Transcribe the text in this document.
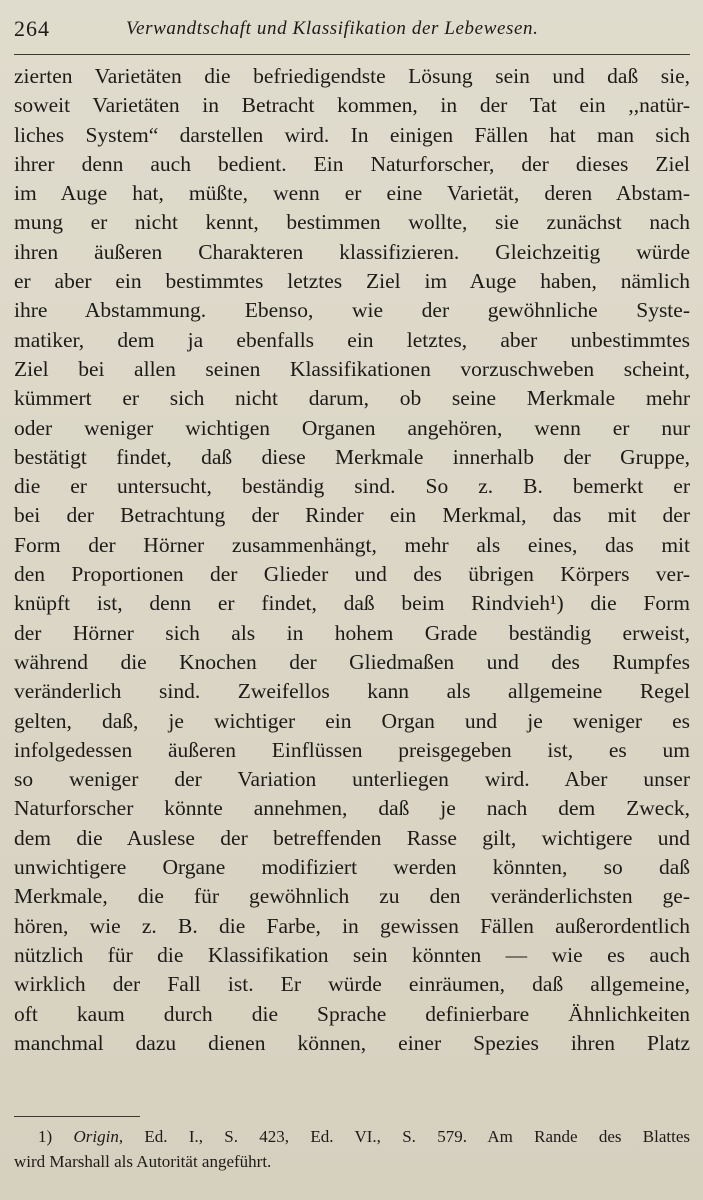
264	Verwandtschaft und Klassifikation der Lebewesen.
zierten Varietäten die befriedigendste Lösung sein und daß sie,
soweit Varietäten in Betracht kommen, in der Tat ein ,,natür-
liches System“ darstellen wird. In einigen Fällen hat man sich
ihrer denn auch bedient. Ein Naturforscher, der dieses Ziel
im Auge hat, müßte, wenn er eine Varietät, deren Abstam-
mung er nicht kennt, bestimmen wollte, sie zunächst nach
ihren äußeren Charakteren klassifizieren. Gleichzeitig würde
er aber ein bestimmtes letztes Ziel im Auge haben, nämlich
ihre Abstammung. Ebenso, wie der gewöhnliche Syste-
matiker, dem ja ebenfalls ein letztes, aber unbestimmtes
Ziel bei allen seinen Klassifikationen vorzuschweben scheint,
kümmert er sich nicht darum, ob seine Merkmale mehr
oder weniger wichtigen Organen angehören, wenn er nur
bestätigt findet, daß diese Merkmale innerhalb der Gruppe,
die er untersucht, beständig sind. So z. B. bemerkt er
bei der Betrachtung der Rinder ein Merkmal, das mit der
Form der Hörner zusammenhängt, mehr als eines, das mit
den Proportionen der Glieder und des übrigen Körpers ver-
knüpft ist, denn er findet, daß beim Rindvieh¹) die Form
der Hörner sich als in hohem Grade beständig erweist,
während die Knochen der Gliedmaßen und des Rumpfes
veränderlich sind. Zweifellos kann als allgemeine Regel
gelten, daß, je wichtiger ein Organ und je weniger es
infolgedessen äußeren Einflüssen preisgegeben ist, es um
so weniger der Variation unterliegen wird. Aber unser
Naturforscher könnte annehmen, daß je nach dem Zweck,
dem die Auslese der betreffenden Rasse gilt, wichtigere und
unwichtigere Organe modifiziert werden könnten, so daß
Merkmale, die für gewöhnlich zu den veränderlichsten ge-
hören, wie z. B. die Farbe, in gewissen Fällen außerordentlich
nützlich für die Klassifikation sein könnten — wie es auch
wirklich der Fall ist. Er würde einräumen, daß allgemeine,
oft kaum durch die Sprache definierbare Ähnlichkeiten
manchmal dazu dienen können, einer Spezies ihren Platz
1) Origin, Ed. I., S. 423, Ed. VI., S. 579. Am Rande des Blattes
wird Marshall als Autorität angeführt.
